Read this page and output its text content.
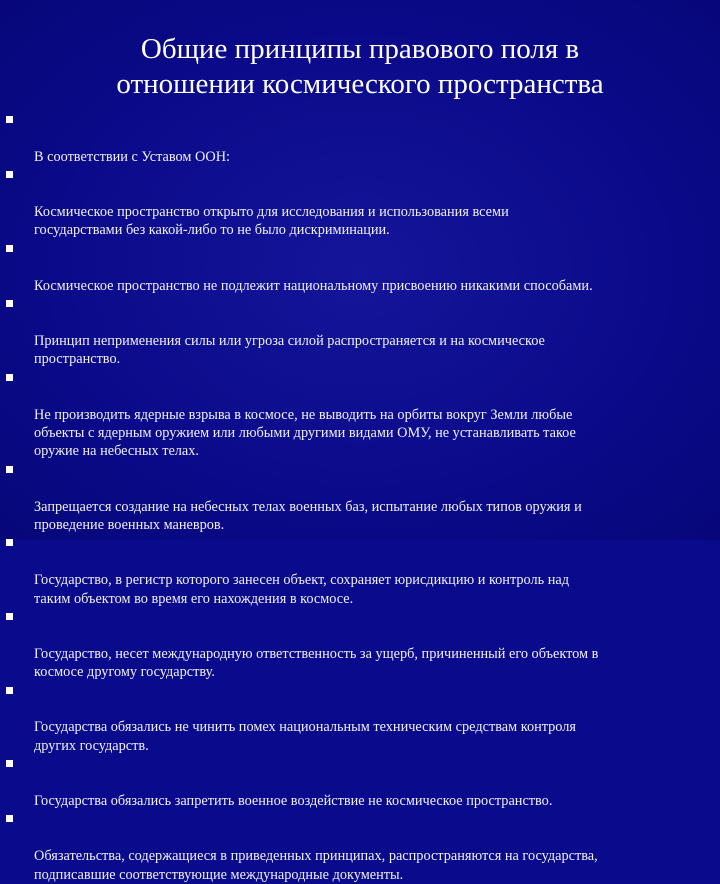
Общие принципы правового поля в
отношении космического пространства

В соответствии с Уставом ООН:

Космическое пространство открыто для исследования и использования всеми
государствами без какой-либо то не было дискриминации.

Космическое пространство не подлежит национальному присвоению никакими способами.

Принцип неприменения силы или угроза силой распространяется и на космическое
пространство.

Не производить ядерные взрыва в космосе, не выводить на орбиты вокруг Земли любые
объекты с ядерным оружием или любыми другими видами ОМУ, не устанавливать такое
оружие на небесных телах.

Запрещается создание на небесных телах военных баз, испытание любых типов оружия и
проведение военных маневров.

Государство, в регистр которого занесен объект, сохраняет юрисдикцию и контроль над
таким объектом во время его нахождения в космосе.

Государство, несет международную ответственность за ущерб, причиненный его объектом в
космосе другому государству.

Государства обязались не чинить помех национальным техническим средствам контроля
других государств.

Государства обязались запретить военное воздействие не космическое пространство.

Обязательства, содержащиеся в приведенных принципах, распространяются на государства,
подписавшие соответствующие международные документы.
